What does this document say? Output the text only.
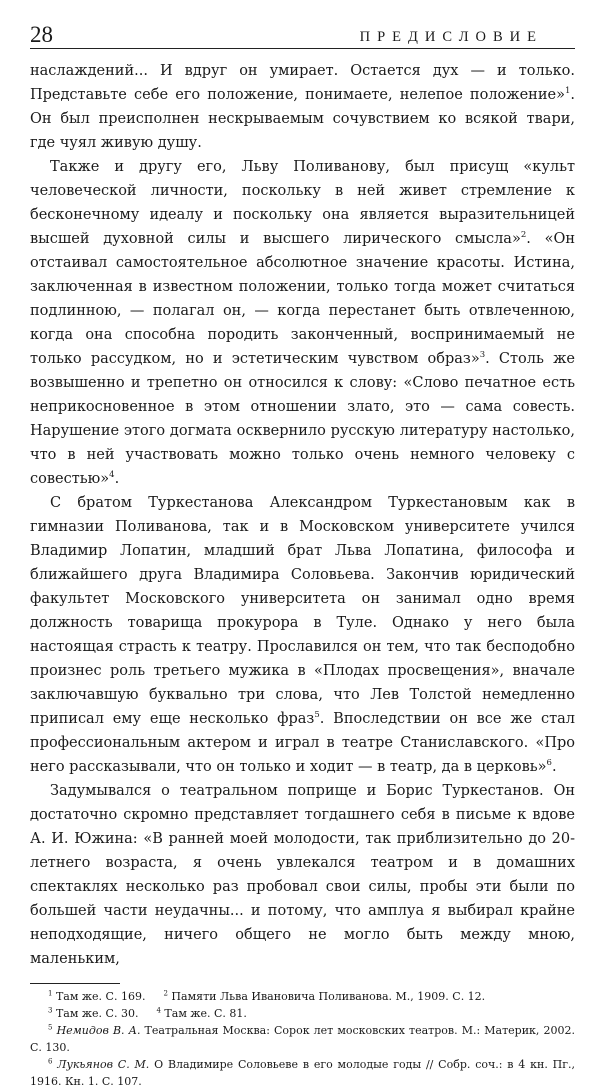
28	ПРЕДИСЛОВИЕ

наслаждений... И вдруг он умирает. Остается дух — и только. Представьте себе его положение, понимаете, нелепое положение»$^1$. Он был преисполнен нескрываемым сочувствием ко всякой твари, где чуял живую душу.

Также и другу его, Льву Поливанову, был присущ «культ человеческой личности, поскольку в ней живет стремление к бесконечному идеалу и поскольку она является выразительницей высшей духовной силы и высшего лирического смысла»$^2$. «Он отстаивал самостоятельное абсолютное значение красоты. Истина, заключенная в известном положении, только тогда может считаться подлинною, — полагал он, — когда перестанет быть отвлеченною, когда она способна породить законченный, воспринимаемый не только рассудком, но и эстетическим чувством образ»$^3$. Столь же возвышенно и трепетно он относился к слову: «Слово печатное есть неприкосновенное в этом отношении злато, это — сама совесть. Нарушение этого догмата осквернило русскую литературу настолько, что в ней участвовать можно только очень немного человеку с совестью»$^4$.

С братом Туркестанова Александром Туркестановым как в гимназии Поливанова, так и в Московском университете учился Владимир Лопатин, младший брат Льва Лопатина, философа и ближайшего друга Владимира Соловьева. Закончив юридический факультет Московского университета он занимал одно время должность товарища прокурора в Туле. Однако у него была настоящая страсть к театру. Прославился он тем, что так бесподобно произнес роль третьего мужика в «Плодах просвещения», вначале заключавшую буквально три слова, что Лев Толстой немедленно приписал ему еще несколько фраз$^5$. Впоследствии он все же стал профессиональным актером и играл в театре Станиславского. «Про него рассказывали, что он только и ходит — в театр, да в церковь»$^6$.

Задумывался о театральном поприще и Борис Туркестанов. Он достаточно скромно представляет тогдашнего себя в письме к вдове А. И. Южина: «В ранней моей молодости, так приблизительно до 20-летнего возраста, я очень увлекался театром и в домашних спектаклях несколько раз пробовал свои силы, пробы эти были по большей части неудачны... и потому, что амплуа я выбирал крайне неподходящие, ничего общего не могло быть между мною, маленьким,

$^1$ Там же. С. 169.	$^2$ Памяти Льва Ивановича Поливанова. М., 1909. С. 12.
$^3$ Там же. С. 30.	$^4$ Там же. С. 81.
$^5$ Немидов В. А. Театральная Москва: Сорок лет московских театров. М.: Материк, 2002. С. 130.
$^6$ Лукьянов С. М. О Владимире Соловьеве в его молодые годы // Собр. соч.: в 4 кн. Пг., 1916. Кн. 1. С. 107.
